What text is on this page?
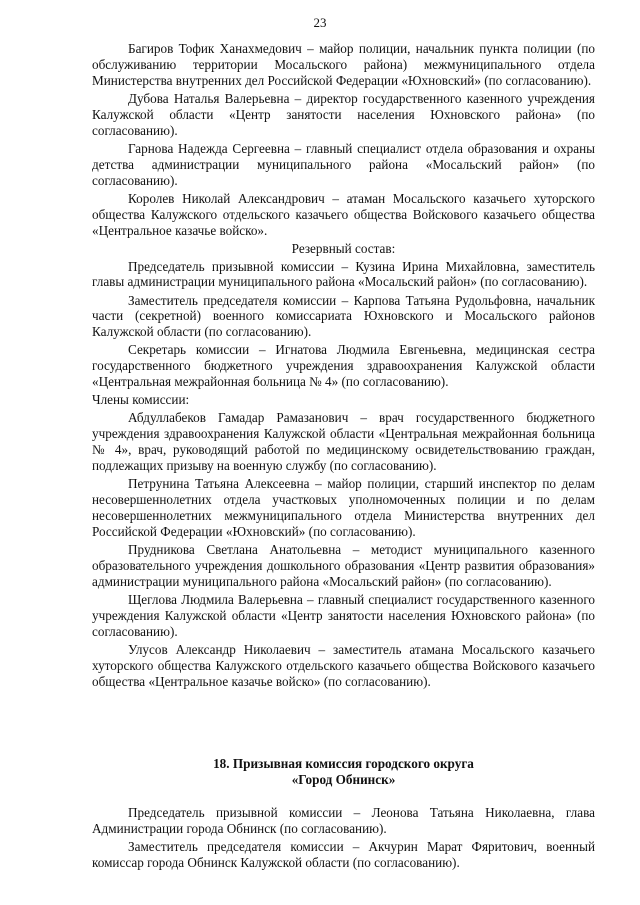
23

Багиров Тофик Ханахмедович – майор полиции, начальник пункта полиции (по обслуживанию территории Мосальского района) межмуниципального отдела Министерства внутренних дел Российской Федерации «Юхновский» (по согласованию).

Дубова Наталья Валерьевна – директор государственного казенного учреждения Калужской области «Центр занятости населения Юхновского района» (по согласованию).

Гарнова Надежда Сергеевна – главный специалист отдела образования и охраны детства администрации муниципального района «Мосальский район» (по согласованию).

Королев Николай Александрович – атаман Мосальского казачьего хуторского общества Калужского отдельского казачьего общества Войскового казачьего общества «Центральное казачье войско».

Резервный состав:

Председатель призывной комиссии – Кузина Ирина Михайловна, заместитель главы администрации муниципального района «Мосальский район» (по согласованию).

Заместитель председателя комиссии – Карпова Татьяна Рудольфовна, начальник части (секретной) военного комиссариата Юхновского и Мосальского районов Калужской области (по согласованию).

Секретарь комиссии – Игнатова Людмила Евгеньевна, медицинская сестра государственного бюджетного учреждения здравоохранения Калужской области «Центральная межрайонная больница № 4» (по согласованию).

Члены комиссии:

Абдуллабеков Гамадар Рамазанович – врач государственного бюджетного учреждения здравоохранения Калужской области «Центральная межрайонная больница № 4», врач, руководящий работой по медицинскому освидетельствованию граждан, подлежащих призыву на военную службу (по согласованию).

Петрунина Татьяна Алексеевна – майор полиции, старший инспектор по делам несовершеннолетних отдела участковых уполномоченных полиции и по делам несовершеннолетних межмуниципального отдела Министерства внутренних дел Российской Федерации «Юхновский» (по согласованию).

Прудникова Светлана Анатольевна – методист муниципального казенного образовательного учреждения дошкольного образования «Центр развития образования» администрации муниципального района «Мосальский район» (по согласованию).

Щеглова Людмила Валерьевна – главный специалист государственного казенного учреждения Калужской области «Центр занятости населения Юхновского района» (по согласованию).

Улусов Александр Николаевич – заместитель атамана Мосальского казачьего хуторского общества Калужского отдельского казачьего общества Войскового казачьего общества «Центральное казачье войско» (по согласованию).

18. Призывная комиссия городского округа
«Город Обнинск»

Председатель призывной комиссии – Леонова Татьяна Николаевна, глава Администрации города Обнинск (по согласованию).

Заместитель председателя комиссии – Акчурин Марат Фяритович, военный комиссар города Обнинск Калужской области (по согласованию).
